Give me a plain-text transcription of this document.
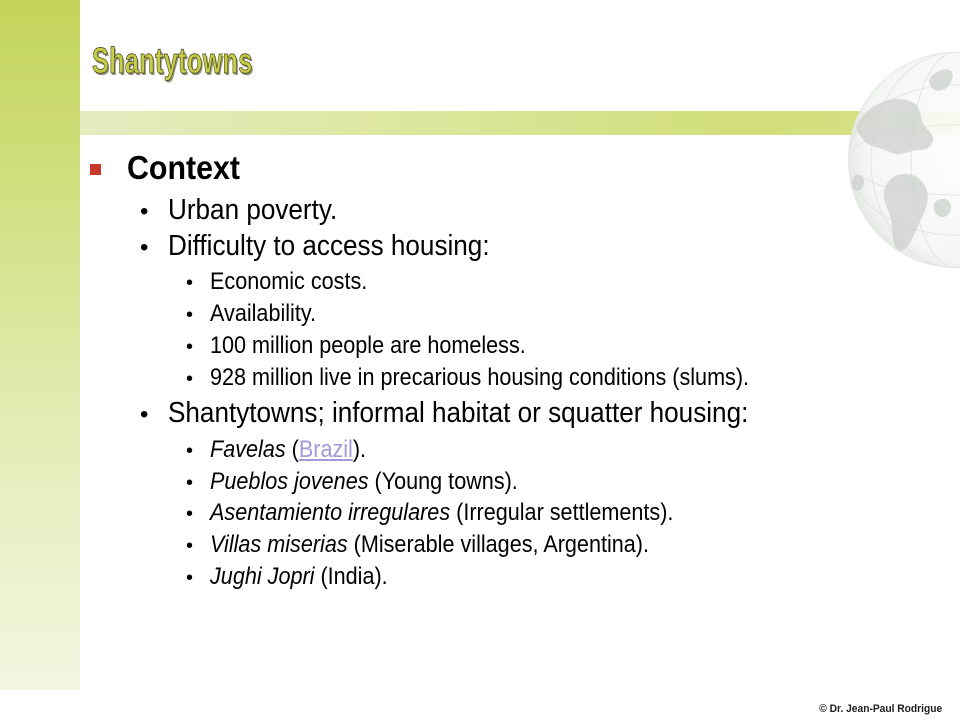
Shantytowns
Context
• Urban poverty.
• Difficulty to access housing:
• Economic costs.
• Availability.
• 100 million people are homeless.
• 928 million live in precarious housing conditions (slums).
• Shantytowns; informal habitat or squatter housing:
• Favelas (Brazil).
• Pueblos jovenes (Young towns).
• Asentamiento irregulares (Irregular settlements).
• Villas miserias (Miserable villages, Argentina).
• Jughi Jopri (India).
© Dr. Jean-Paul Rodrigue
